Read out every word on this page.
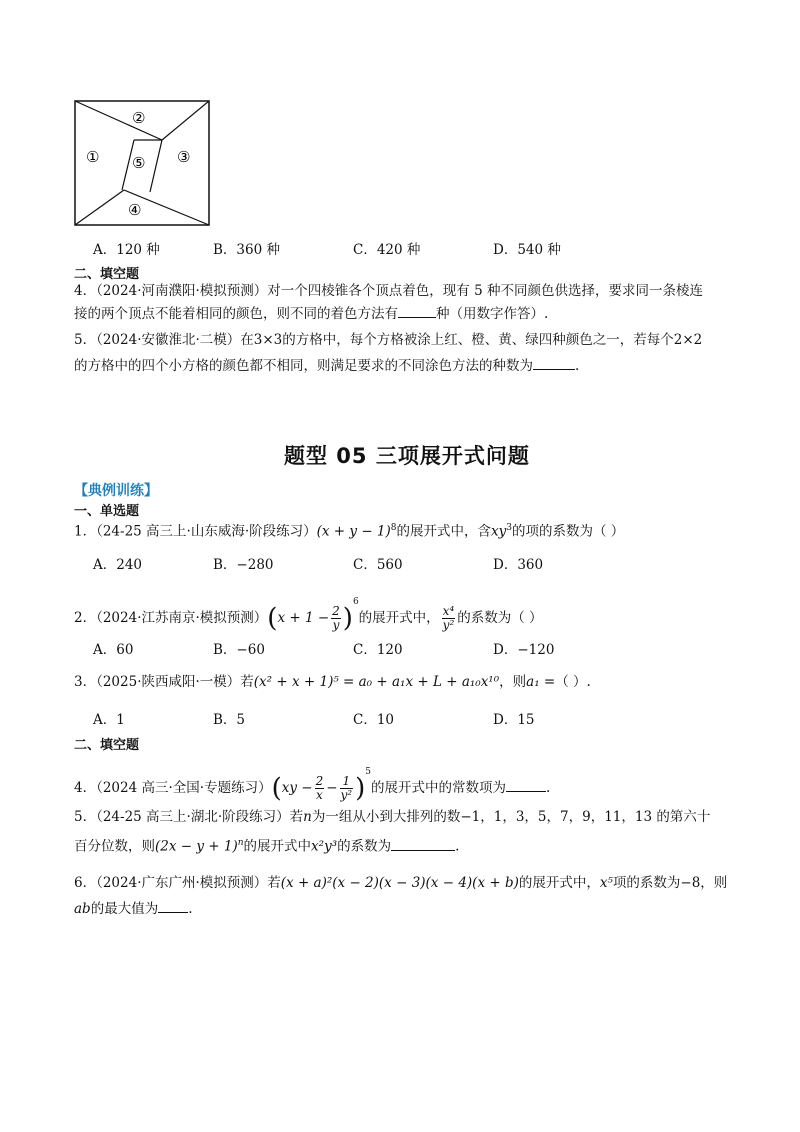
②
① ⑤ ③
④
A．120 种	B．360 种	C．420 种	D．540 种
二、填空题
4．（2024·河南濮阳·模拟预测）对一个四棱锥各个顶点着色，现有 5 种不同颜色供选择，要求同一条棱连
接的两个顶点不能着相同的颜色，则不同的着色方法有	种（用数字作答）.
5．（2024·安徽淮北·二模）在3×3的方格中，每个方格被涂上红、橙、黄、绿四种颜色之一，若每个2×2
的方格中的四个小方格的颜色都不相同，则满足要求的不同涂色方法的种数为	.
题型 05 三项展开式问题
【典例训练】
一、单选题
1．（24-25 高三上·山东威海·阶段练习）$(x + y - 1)^8$的展开式中，含$xy^3$的项的系数为（ ）
A．240	B．−280	C．560	D．360
2．（2024·江苏南京·模拟预测）$(x + 1 - \frac{2}{y} )^6$的展开式中， $\frac{\text{x⁴}}{\text{y²}}$ 的系数为（ ）
A．60	B．−60	C．120	D．−120
3．（2025·陕西咸阳·一模）若(x² + x + 1)⁵ = a₀ + a₁x + L + a₁₀x¹⁰，则a₁ =（ ）.
A．1	B．5	C．10	D．15
二、填空题
4．（2024 高三·全国·专题练习）$(xy - \frac{2}{x} - \frac{1}{\text{y²}} )^5$的展开式中的常数项为	.
5．（24-25 高三上·湖北·阶段练习）若n为一组从小到大排列的数−1，1，3，5，7，9，11，13 的第六十
百分位数，则$(2x - y + 1)^n$的展开式中x²y³的系数为	.
6．（2024·广东广州·模拟预测）若(x + a)²(x − 2)(x − 3)(x − 4)(x + b)的展开式中，x⁵项的系数为−8，则
ab的最大值为 .
